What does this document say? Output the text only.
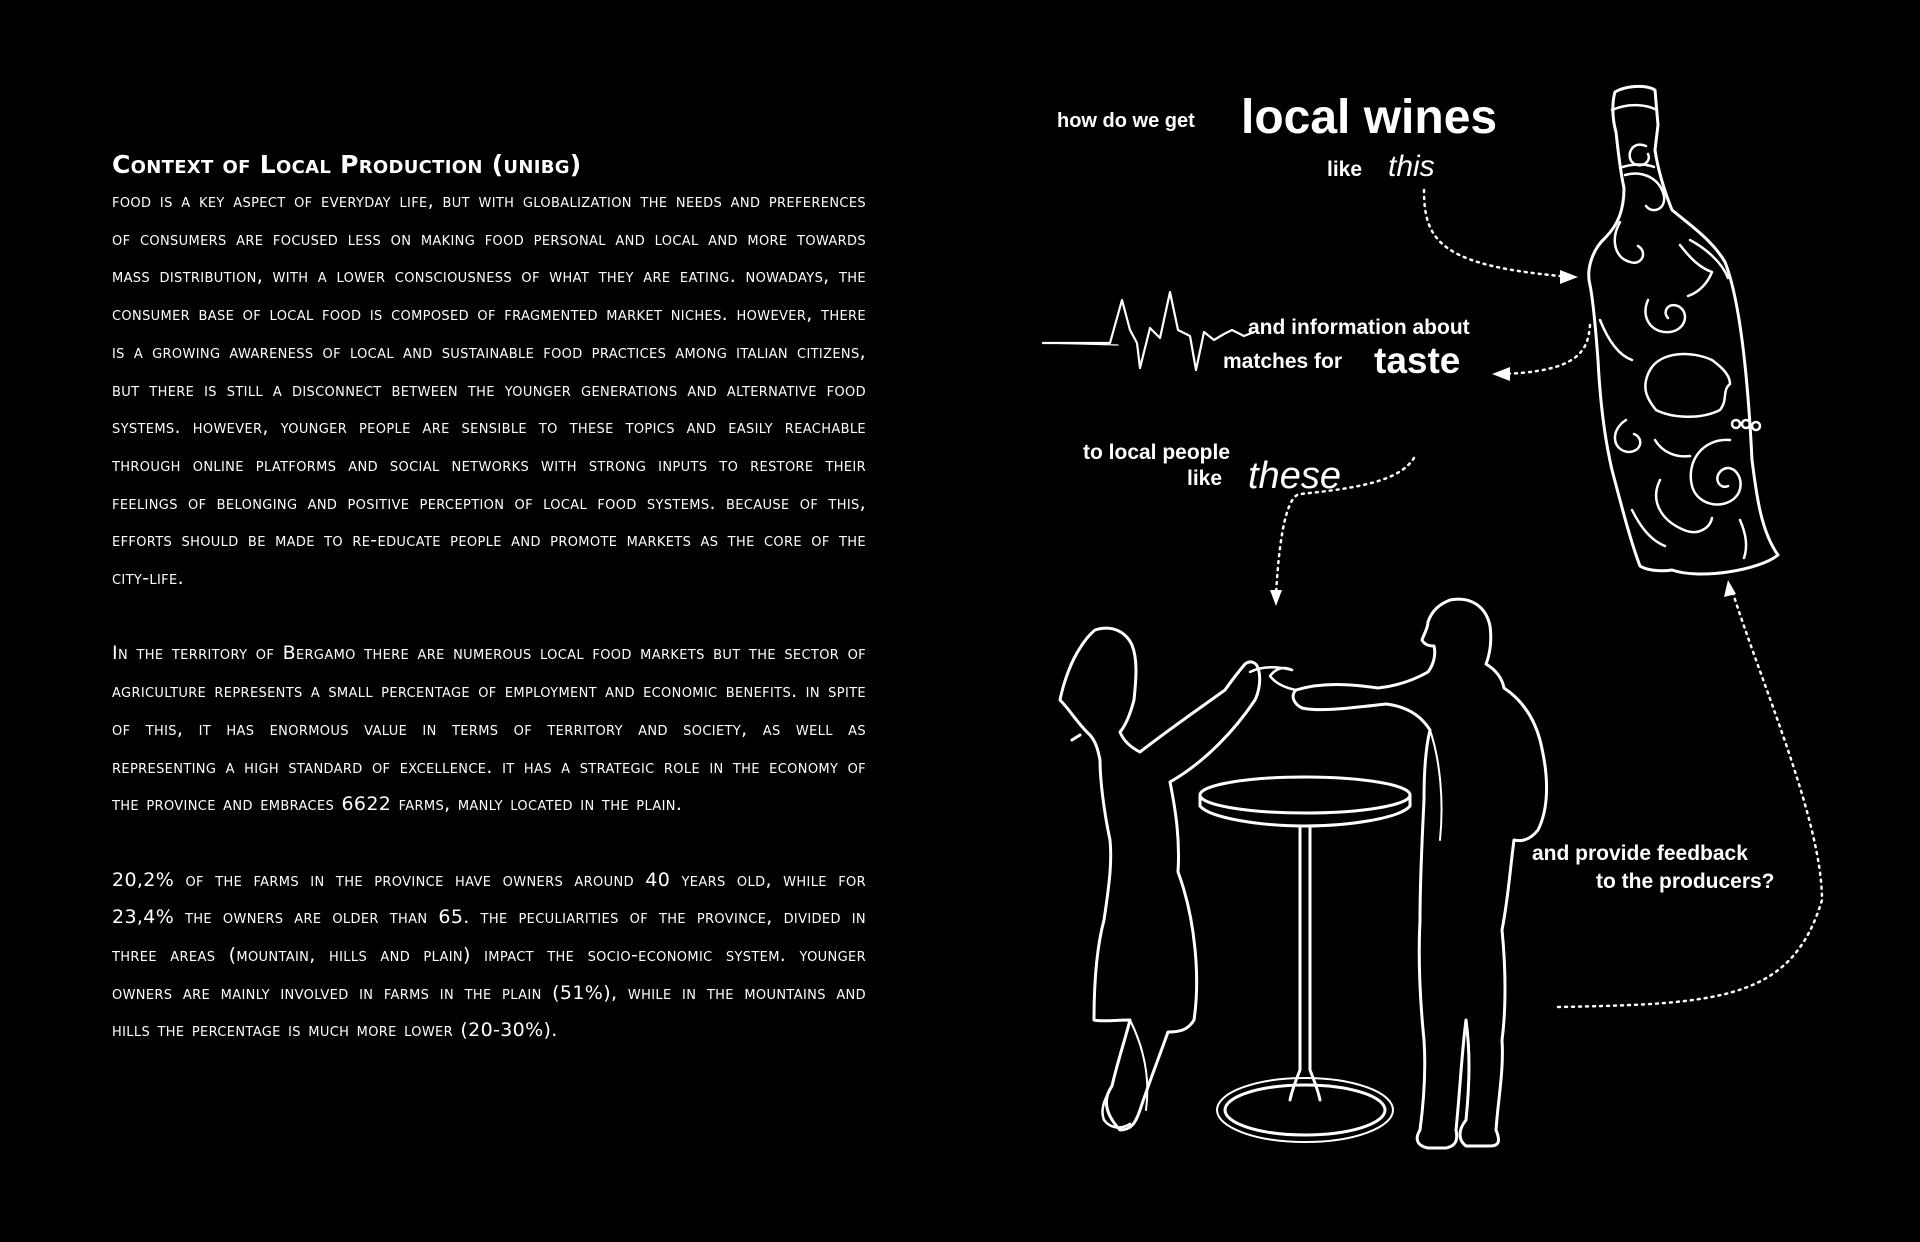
Context of Local Production (unibg)

food is a key aspect of everyday life, but with globalization the needs and preferences of consumers are focused less on making food personal and local and more towards mass distribution, with a lower consciousness of what they are eating. nowadays, the consumer base of local food is composed of fragmented market niches. however, there is a growing awareness of local and sustainable food practices among italian citizens, but there is still a disconnect between the younger generations and alternative food systems. however, younger people are sensible to these topics and easily reachable through online platforms and social networks with strong inputs to restore their feelings of belonging and positive perception of local food systems. because of this, efforts should be made to re-educate people and promote markets as the core of the city-life.

In the territory of Bergamo there are numerous local food markets but the sector of agriculture represents a small percentage of employment and economic benefits. in spite of this, it has enormous value in terms of territory and society, as well as representing a high standard of excellence. it has a strategic role in the economy of the province and embraces 6622 farms, manly located in the plain.

20,2% of the farms in the province have owners around 40 years old, while for 23,4% the owners are older than 65. the peculiarities of the province, divided in three areas (mountain, hills and plain) impact the socio-economic system. younger owners are mainly involved in farms in the plain (51%), while in the mountains and hills the percentage is much more lower (20-30%).

how do we get local wines
like this
and information about
matches for taste
to local people
like these
and provide feedback
to the producers?
